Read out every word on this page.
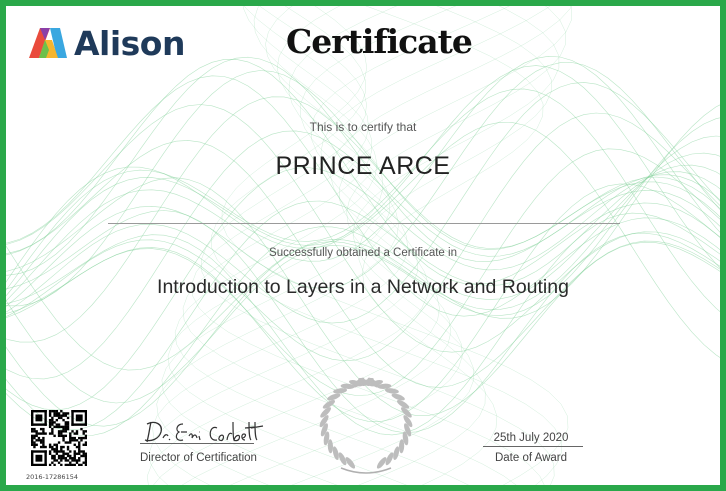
Alison	Certificate
This is to certify that
PRINCE ARCE
Successfully obtained a Certificate in
Introduction to Layers in a Network and Routing
2016-17286154
Director of Certification
25th July 2020
Date of Award
